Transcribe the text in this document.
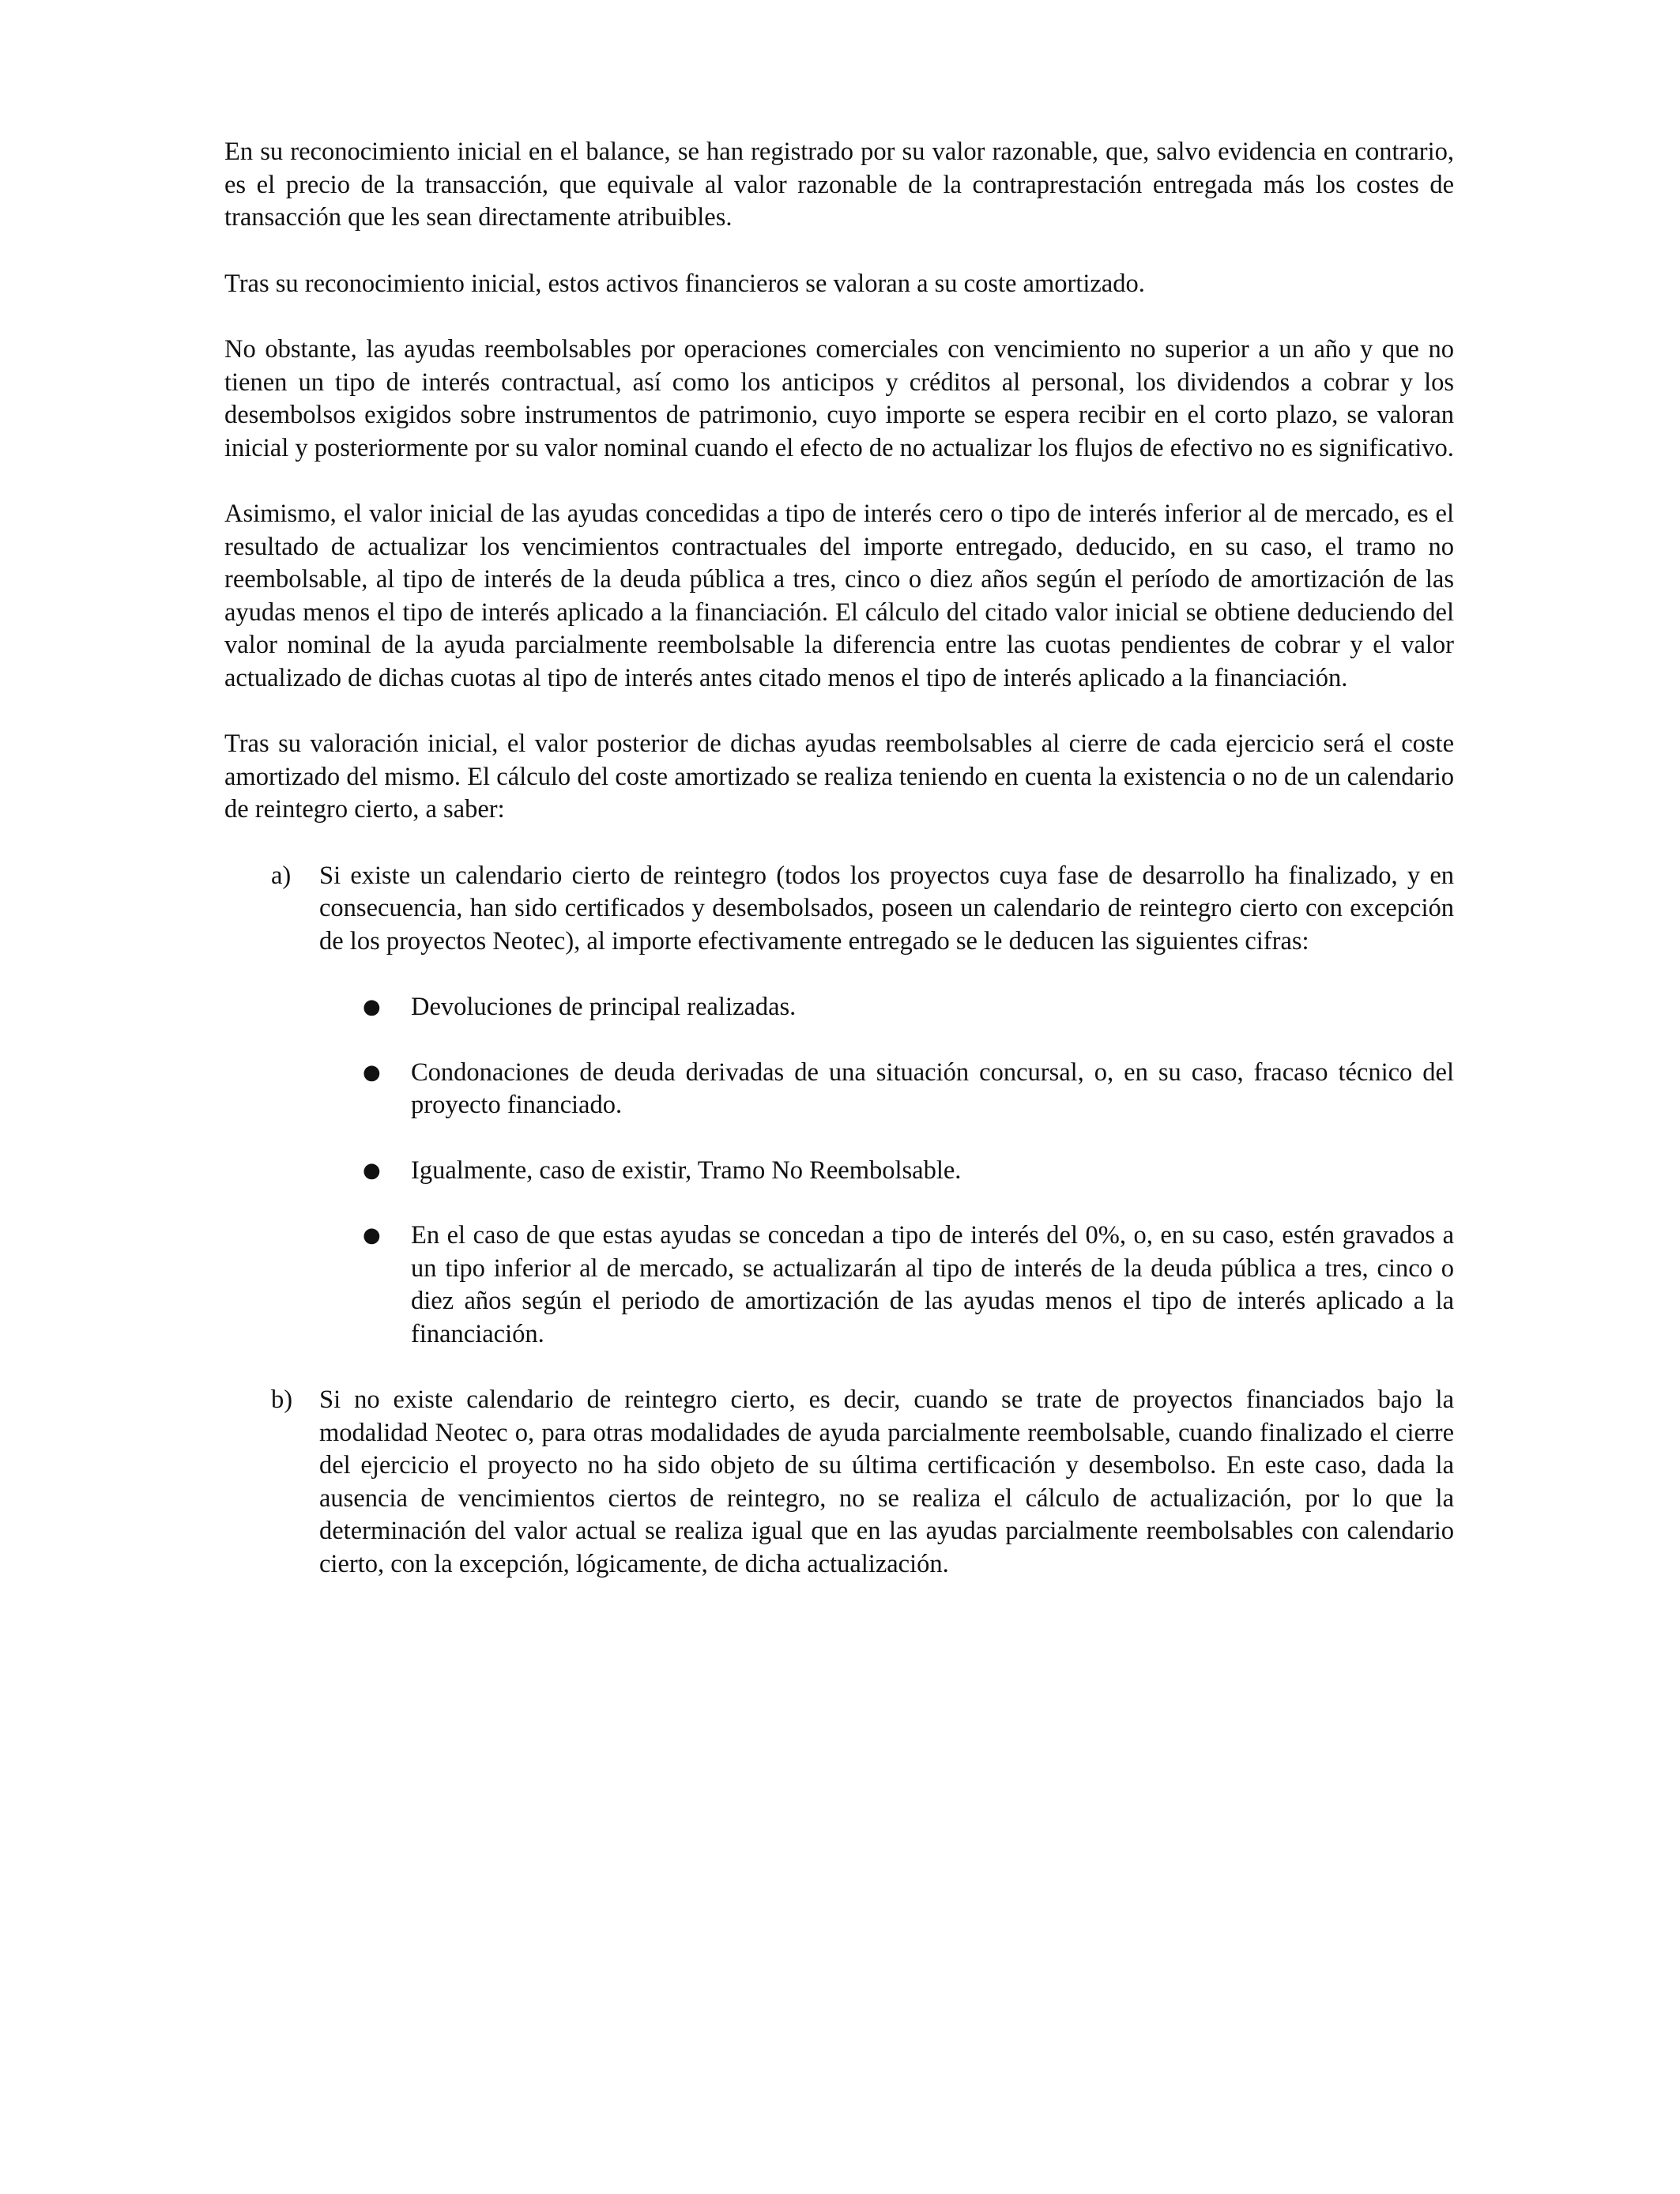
En su reconocimiento inicial en el balance, se han registrado por su valor razonable, que, salvo evidencia en contrario, es el precio de la transacción, que equivale al valor razonable de la contraprestación entregada más los costes de transacción que les sean directamente atribuibles.

Tras su reconocimiento inicial, estos activos financieros se valoran a su coste amortizado.

No obstante, las ayudas reembolsables por operaciones comerciales con vencimiento no superior a un año y que no tienen un tipo de interés contractual, así como los anticipos y créditos al personal, los dividendos a cobrar y los desembolsos exigidos sobre instrumentos de patrimonio, cuyo importe se espera recibir en el corto plazo, se valoran inicial y posteriormente por su valor nominal cuando el efecto de no actualizar los flujos de efectivo no es significativo.

Asimismo, el valor inicial de las ayudas concedidas a tipo de interés cero o tipo de interés inferior al de mercado, es el resultado de actualizar los vencimientos contractuales del importe entregado, deducido, en su caso, el tramo no reembolsable, al tipo de interés de la deuda pública a tres, cinco o diez años según el período de amortización de las ayudas menos el tipo de interés aplicado a la financiación. El cálculo del citado valor inicial se obtiene deduciendo del valor nominal de la ayuda parcialmente reembolsable la diferencia entre las cuotas pendientes de cobrar y el valor actualizado de dichas cuotas al tipo de interés antes citado menos el tipo de interés aplicado a la financiación.

Tras su valoración inicial, el valor posterior de dichas ayudas reembolsables al cierre de cada ejercicio será el coste amortizado del mismo. El cálculo del coste amortizado se realiza teniendo en cuenta la existencia o no de un calendario de reintegro cierto, a saber:

a) Si existe un calendario cierto de reintegro (todos los proyectos cuya fase de desarrollo ha finalizado, y en consecuencia, han sido certificados y desembolsados, poseen un calendario de reintegro cierto con excepción de los proyectos Neotec), al importe efectivamente entregado se le deducen las siguientes cifras:
● Devoluciones de principal realizadas.
● Condonaciones de deuda derivadas de una situación concursal, o, en su caso, fracaso técnico del proyecto financiado.
● Igualmente, caso de existir, Tramo No Reembolsable.
● En el caso de que estas ayudas se concedan a tipo de interés del 0%, o, en su caso, estén gravados a un tipo inferior al de mercado, se actualizarán al tipo de interés de la deuda pública a tres, cinco o diez años según el periodo de amortización de las ayudas menos el tipo de interés aplicado a la financiación.
b) Si no existe calendario de reintegro cierto, es decir, cuando se trate de proyectos financiados bajo la modalidad Neotec o, para otras modalidades de ayuda parcialmente reembolsable, cuando finalizado el cierre del ejercicio el proyecto no ha sido objeto de su última certificación y desembolso. En este caso, dada la ausencia de vencimientos ciertos de reintegro, no se realiza el cálculo de actualización, por lo que la determinación del valor actual se realiza igual que en las ayudas parcialmente reembolsables con calendario cierto, con la excepción, lógicamente, de dicha actualización.
